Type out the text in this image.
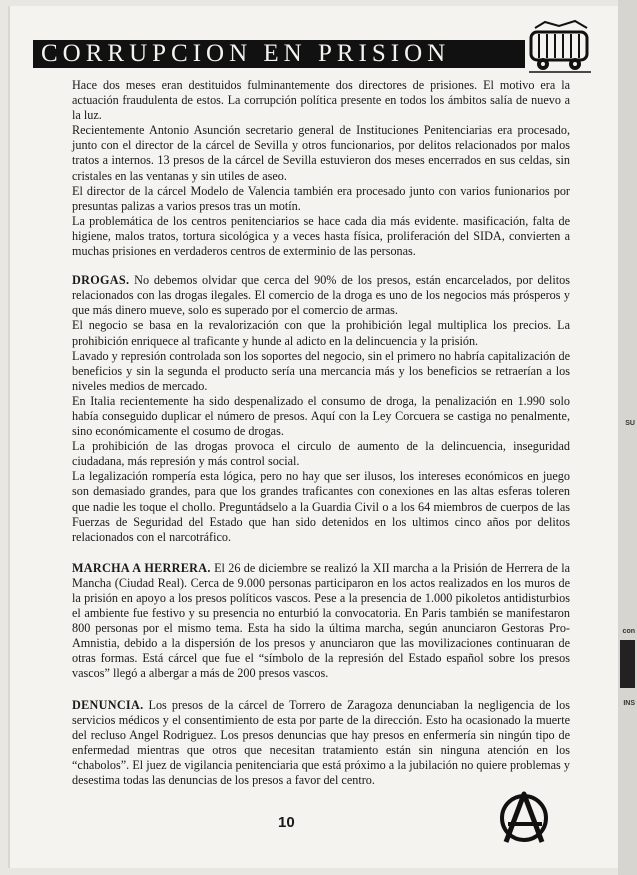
SU
con
INS
CORRUPCION EN PRISION

Hace dos meses eran destituidos fulminantemente dos directores de prisiones. El motivo era la actuación fraudulenta de estos. La corrupción política presente en todos los ámbitos salía de nuevo a la luz.

Recientemente Antonio Asunción secretario general de Instituciones Penitenciarias era procesado, junto con el director de la cárcel de Sevilla y otros funcionarios, por delitos relacionados por malos tratos a internos. 13 presos de la cárcel de Sevilla estuvieron dos meses encerrados en sus celdas, sin cristales en las ventanas y sin utiles de aseo.

El director de la cárcel Modelo de Valencia también era procesado junto con varios funionarios por presuntas palizas a varios presos tras un motín.

La problemática de los centros penitenciarios se hace cada dia más evidente. masificación, falta de higiene, malos tratos, tortura sicológica y a veces hasta física, proliferación del SIDA, convierten a muchas prisiones en verdaderos centros de exterminio de las personas.

DROGAS. No debemos olvidar que cerca del 90% de los presos, están encarcelados, por delitos relacionados con las drogas ilegales. El comercio de la droga es uno de los negocios más prósperos y que más dinero mueve, solo es superado por el comercio de armas.

El negocio se basa en la revalorización con que la prohibición legal multiplica los precios. La prohibición enriquece al traficante y hunde al adicto en la delincuencia y la prisión.

Lavado y represión controlada son los soportes del negocio, sin el primero no habría capitalización de beneficios y sin la segunda el producto sería una mercancia más y los beneficios se retraerían a los niveles medios de mercado.

En Italia recientemente ha sido despenalizado el consumo de droga, la penalización en 1.990 solo había conseguido duplicar el número de presos. Aquí con la Ley Corcuera se castiga no penalmente, sino económicamente el cosumo de drogas.

La prohibición de las drogas provoca el circulo de aumento de la delincuencia, inseguridad ciudadana, más represión y más control social.

La legalización rompería esta lógica, pero no hay que ser ilusos, los intereses económicos en juego son demasiado grandes, para que los grandes traficantes con conexiones en las altas esferas toleren que nadie les toque el chollo. Preguntádselo a la Guardia Civil o a los 64 miembros de cuerpos de las Fuerzas de Seguridad del Estado que han sido detenidos en los ultimos cinco años por delitos relacionados con el narcotráfico.

MARCHA A HERRERA. El 26 de diciembre se realizó la XII marcha a la Prisión de Herrera de la Mancha (Ciudad Real). Cerca de 9.000 personas participaron en los actos realizados en los muros de la prisión en apoyo a los presos políticos vascos. Pese a la presencia de 1.000 pikoletos antidisturbios el ambiente fue festivo y su presencia no enturbió la convocatoria. En Paris también se manifestaron 800 personas por el mismo tema. Esta ha sido la última marcha, según anunciaron Gestoras Pro-Amnistia, debido a la dispersión de los presos y anunciaron que las movilizaciones continuaran de otras formas. Está cárcel que fue el “símbolo de la represión del Estado español sobre los presos vascos” llegó a albergar a más de 200 presos vascos.

DENUNCIA. Los presos de la cárcel de Torrero de Zaragoza denunciaban la negligencia de los servicios médicos y el consentimiento de esta por parte de la dirección. Esto ha ocasionado la muerte del recluso Angel Rodriguez. Los presos denuncias que hay presos en enfermería sin ningún tipo de enfermedad mientras que otros que necesitan tratamiento están sin ninguna atención en los “chabolos”. El juez de vigilancia penitenciaria que está próximo a la jubilación no quiere problemas y desestima todas las denuncias de los presos a favor del centro.

10
